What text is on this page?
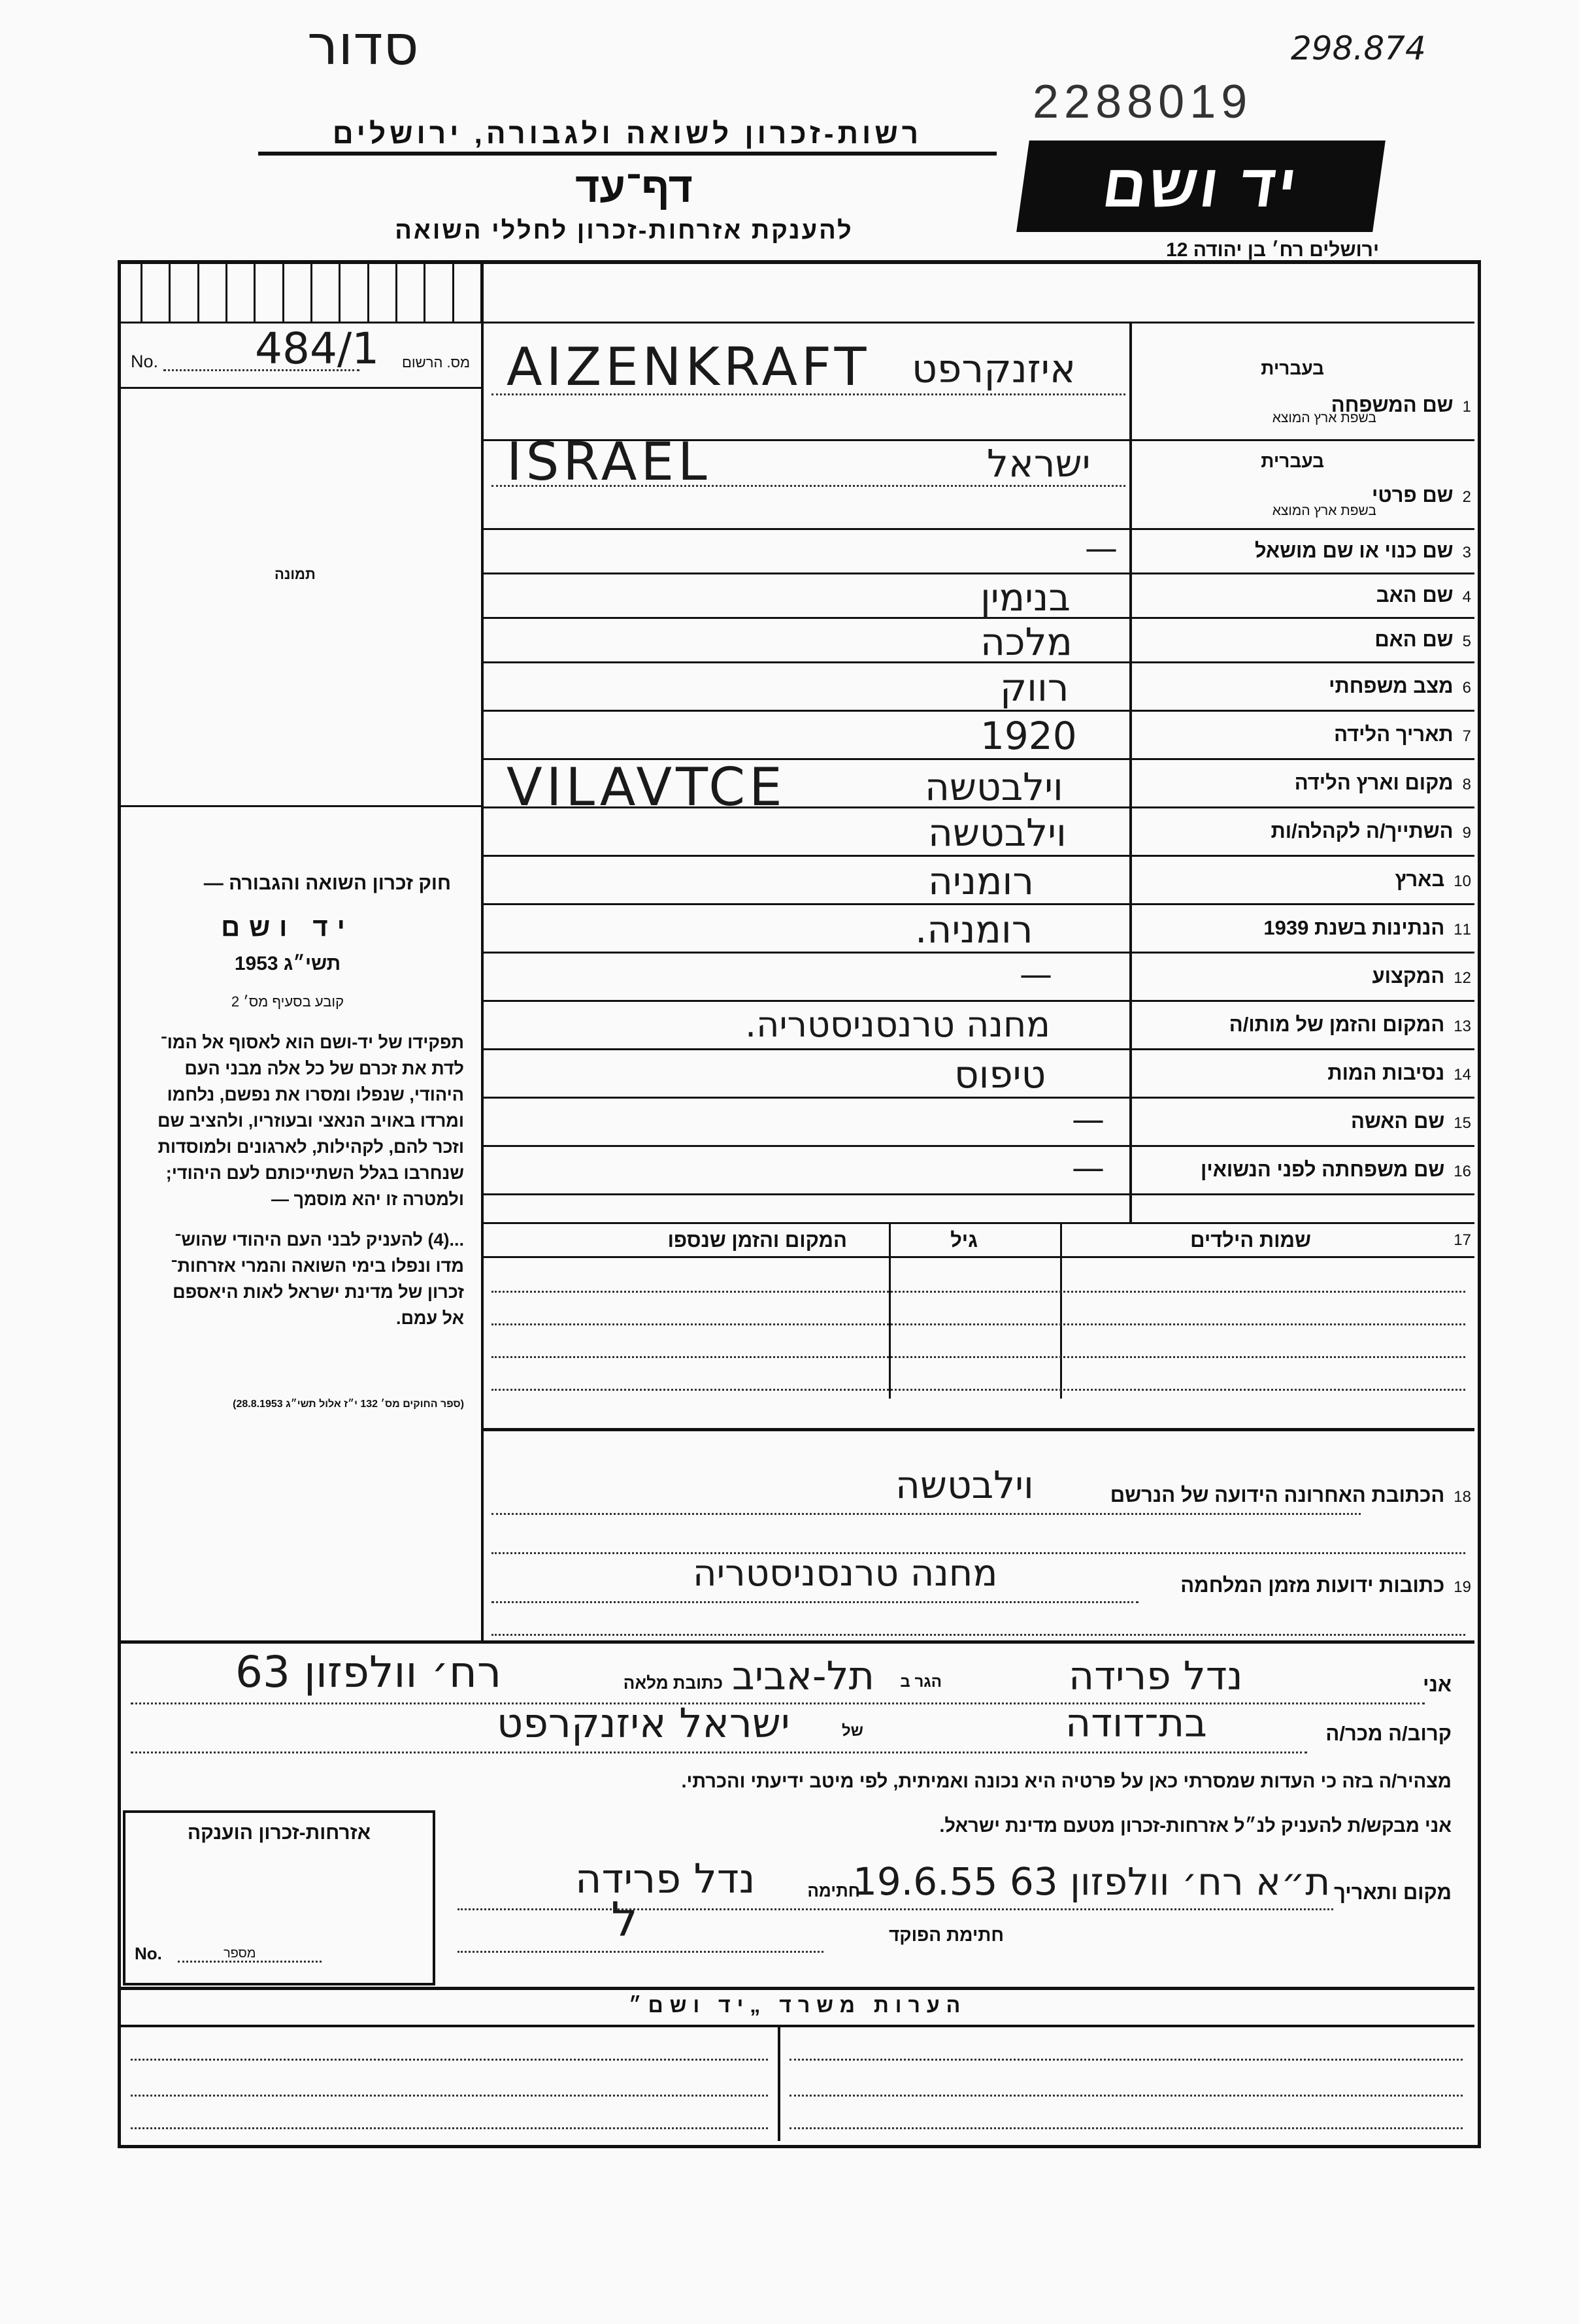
סדור	298.874
2288019
רשות-זכרון לשואה ולגבורה, ירושלים
דף־עד
להענקת אזרחות-זכרון לחללי השואה
יד ושם
ירושלים רח׳ בן יהודה 12
No.	מס. הרשום
484/1
תמונה
חוק זכרון השואה והגבורה —
יד ושם
תשי״ג 1953
קובע בסעיף מס׳ 2
תפקידו של יד-ושם הוא לאסוף אל המו־
לדת את זכרם של כל אלה מבני העם
היהודי, שנפלו ומסרו את נפשם, נלחמו
ומרדו באויב הנאצי ובעוזריו, ולהציב שם
וזכר להם, לקהילות, לארגונים ולמוסדות
שנחרבו בגלל השתייכותם לעם היהודי;
ולמטרה זו יהא מוסמך —
...(4) להעניק לבני העם היהודי שהוש־
מדו ונפלו בימי השואה והמרי אזרחות־
זכרון של מדינת ישראל לאות היאספם
אל עמם.
(ספר החוקים מס׳ 132 י״ז אלול תשי״ג 28.8.1953)
1שם המשפחה
בעברית
בשפת ארץ המוצא
AIZENKRAFT איזנקרפט
2שם פרטי
בעברית
בשפת ארץ המוצא
ISRAEL	ישראל
3שם כנוי או שם מושאל
—
4שם האב
בנימין
5שם האם
מלכה
6מצב משפחתי
רווק
7תאריך הלידה
1920
8מקום וארץ הלידה
VILAVTCE	וילבטשה
9השתייך/ה לקהלה/ות
וילבטשה
10בארץ
רומניה
11הנתינות בשנת 1939
רומניה.
12המקצוע
—
13המקום והזמן של מותו/ה
מחנה טרנסניסטריה.
14נסיבות המות
טיפוס
15שם האשה
—
16שם משפחתה לפני הנשואין
—
17
שמות הילדים
גיל
המקום והזמן שנספו
18הכתובת האחרונה הידועה של הנרשם
וילבטשה
19כתובות ידועות מזמן המלחמה
מחנה טרנסניסטריה
אני
נדל פרידה
הגר ב
תל-אביב
כתובת מלאה
רח׳ וולפזון 63
קרוב/ה מכר/ה
בת־דודה
של
ישראל איזנקרפט
מצהיר/ה בזה כי העדות שמסרתי כאן על פרטיה היא נכונה ואמיתית, לפי מיטב ידיעתי והכרתי.
אני מבקש/ת להעניק לנ״ל אזרחות-זכרון מטעם מדינת ישראל.
מקום ותאריך
ת״א רח׳ וולפזון 63 19.6.55
חתימה
נדל פרידה
חתימת הפוקד
ל
אזרחות-זכרון הוענקה
No.	מספר
הערות משרד „יד ושם״
